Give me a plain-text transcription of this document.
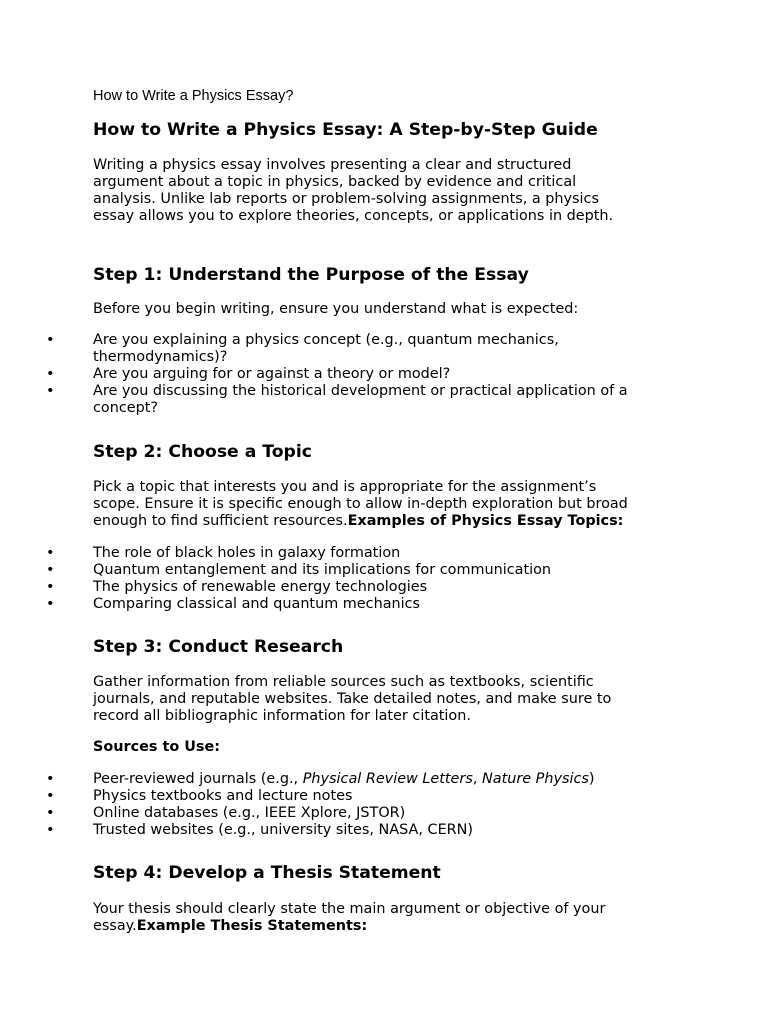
How to Write a Physics Essay?
How to Write a Physics Essay: A Step-by-Step Guide
Writing a physics essay involves presenting a clear and structured
argument about a topic in physics, backed by evidence and critical
analysis. Unlike lab reports or problem-solving assignments, a physics
essay allows you to explore theories, concepts, or applications in depth.
Step 1: Understand the Purpose of the Essay
Before you begin writing, ensure you understand what is expected:
•	Are you explaining a physics concept (e.g., quantum mechanics,
thermodynamics)?
•	Are you arguing for or against a theory or model?
•	Are you discussing the historical development or practical application of a
concept?
Step 2: Choose a Topic
Pick a topic that interests you and is appropriate for the assignment’s
scope. Ensure it is specific enough to allow in-depth exploration but broad
enough to find sufficient resources.Examples of Physics Essay Topics:
•	The role of black holes in galaxy formation
•	Quantum entanglement and its implications for communication
•	The physics of renewable energy technologies
•	Comparing classical and quantum mechanics
Step 3: Conduct Research
Gather information from reliable sources such as textbooks, scientific
journals, and reputable websites. Take detailed notes, and make sure to
record all bibliographic information for later citation.
Sources to Use:
•	Peer-reviewed journals (e.g., Physical Review Letters, Nature Physics)
•	Physics textbooks and lecture notes
•	Online databases (e.g., IEEE Xplore, JSTOR)
•	Trusted websites (e.g., university sites, NASA, CERN)
Step 4: Develop a Thesis Statement
Your thesis should clearly state the main argument or objective of your
essay.Example Thesis Statements:
